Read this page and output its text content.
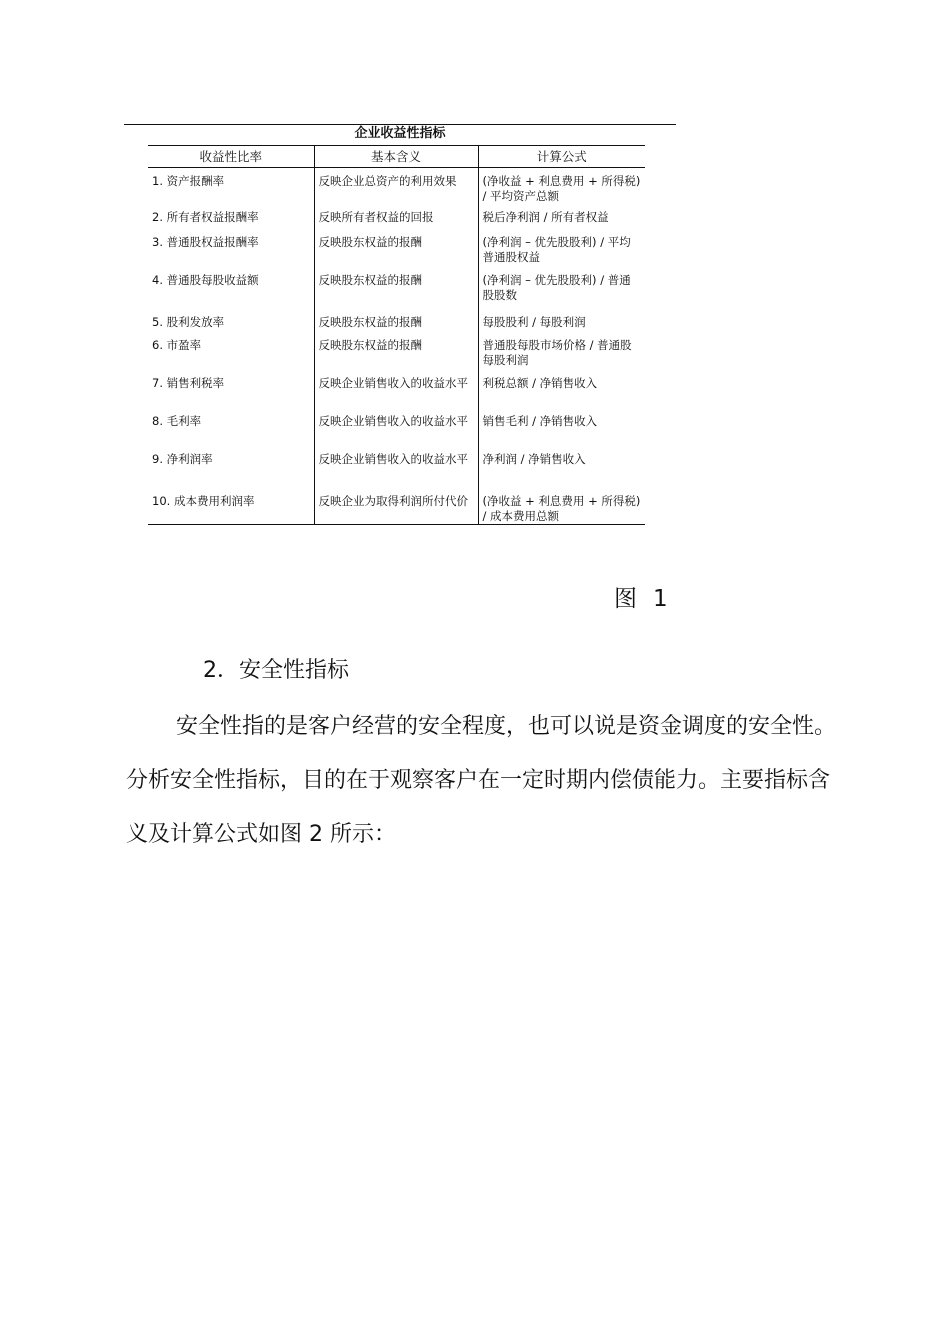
企业收益性指标
收益性比率	基本含义	计算公式
1. 资产报酬率	反映企业总资产的利用效果	(净收益 + 利息费用 + 所得税) / 平均资产总额
2. 所有者权益报酬率	反映所有者权益的回报	税后净利润 / 所有者权益
3. 普通股权益报酬率	反映股东权益的报酬	(净利润 – 优先股股利) / 平均普通股权益
4. 普通股每股收益额	反映股东权益的报酬	(净利润 – 优先股股利) / 普通股股数
5. 股利发放率	反映股东权益的报酬	每股股利 / 每股利润
6. 市盈率	反映股东权益的报酬	普通股每股市场价格 / 普通股每股利润
7. 销售利税率	反映企业销售收入的收益水平	利税总额 / 净销售收入
8. 毛利率	反映企业销售收入的收益水平	销售毛利 / 净销售收入
9. 净利润率	反映企业销售收入的收益水平	净利润 / 净销售收入
10. 成本费用利润率	反映企业为取得利润所付代价	(净收益 + 利息费用 + 所得税) / 成本费用总额
图 1
2．安全性指标
安全性指的是客户经营的安全程度，也可以说是资金调度的安全性。分析安全性指标，目的在于观察客户在一定时期内偿债能力。主要指标含义及计算公式如图 2 所示：
